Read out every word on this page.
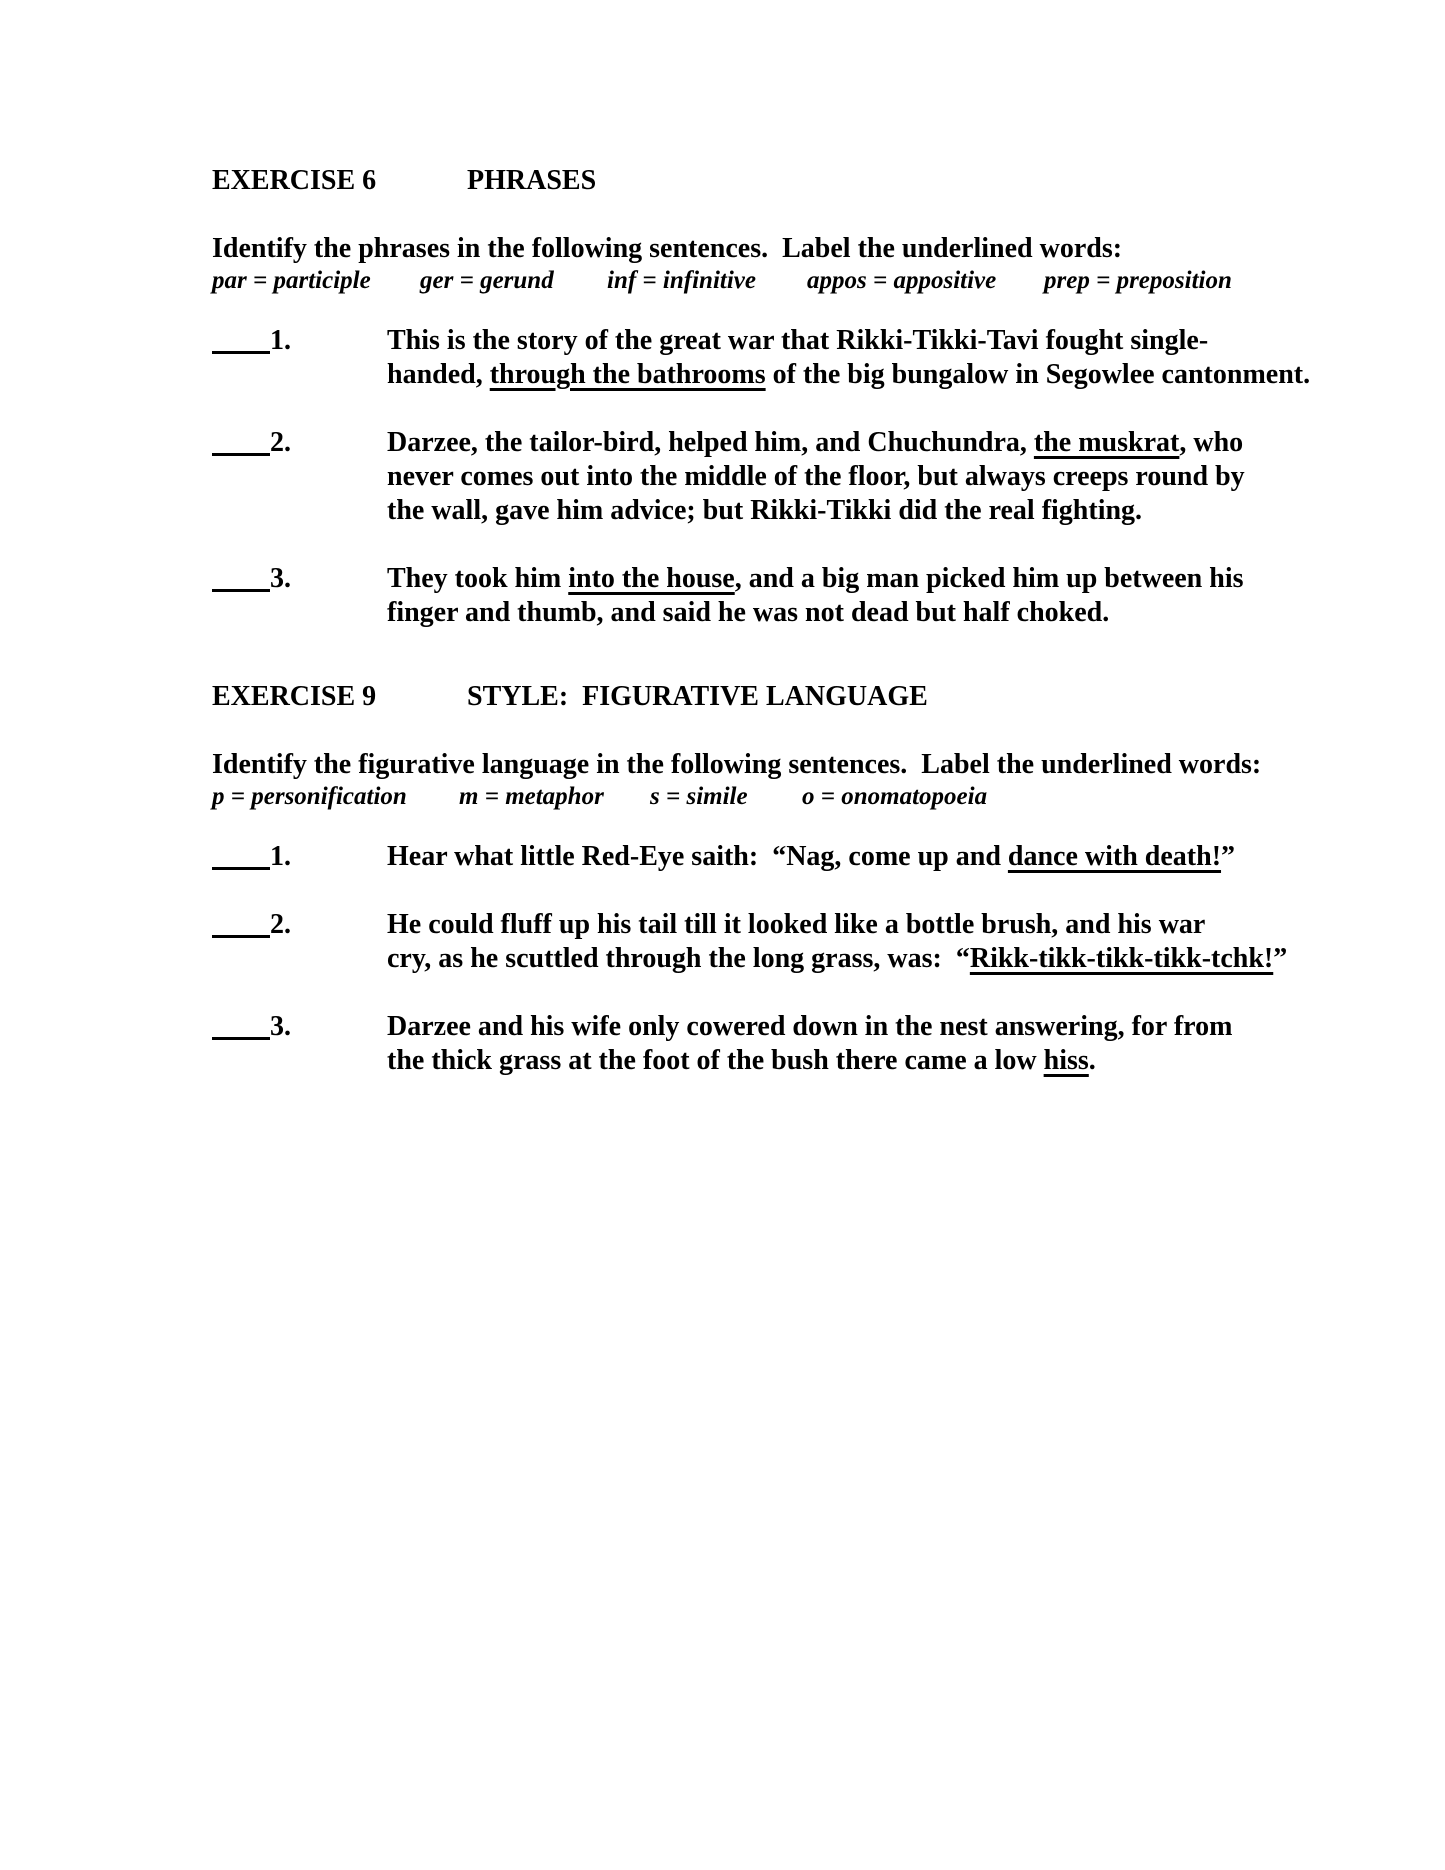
EXERCISE 6	PHRASES
Identify the phrases in the following sentences.  Label the underlined words:
par = participle ger = gerund inf = infinitive appos = appositive prep = preposition
1.	This is the story of the great war that Rikki-Tikki-Tavi fought single-
handed, through the bathrooms of the big bungalow in Segowlee cantonment.
2.	Darzee, the tailor-bird, helped him, and Chuchundra, the muskrat, who
never comes out into the middle of the floor, but always creeps round by
the wall, gave him advice; but Rikki-Tikki did the real fighting.
3.	They took him into the house, and a big man picked him up between his
finger and thumb, and said he was not dead but half choked.
EXERCISE 9	STYLE:  FIGURATIVE LANGUAGE
Identify the figurative language in the following sentences.  Label the underlined words:
p = personification m = metaphor s = simile o = onomatopoeia
1.	Hear what little Red-Eye saith:  “Nag, come up and dance with death!”
2.	He could fluff up his tail till it looked like a bottle brush, and his war
cry, as he scuttled through the long grass, was:  “Rikk-tikk-tikk-tikk-tchk!”
3.	Darzee and his wife only cowered down in the nest answering, for from
the thick grass at the foot of the bush there came a low hiss.
